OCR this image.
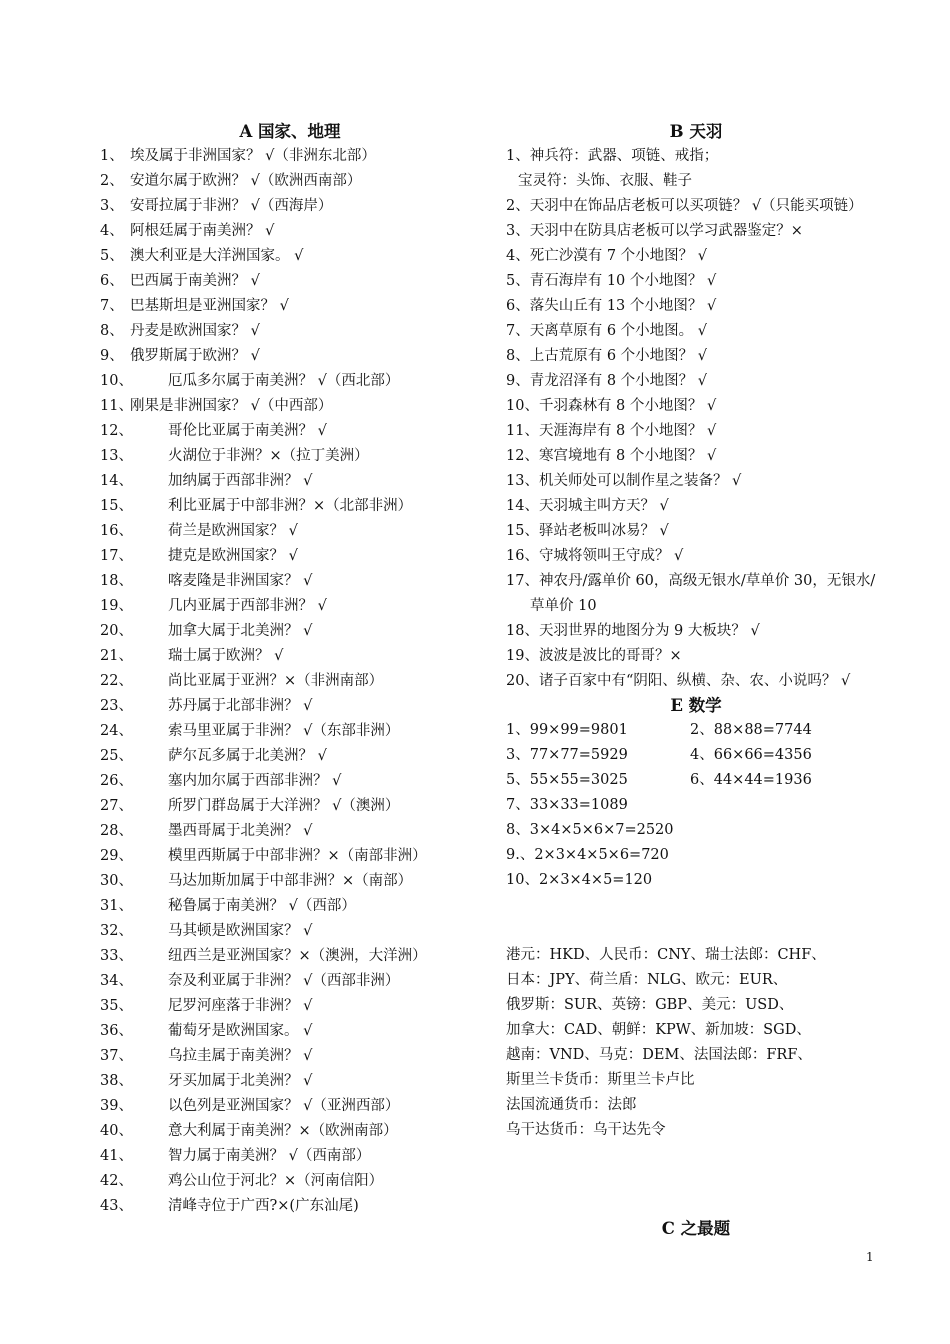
A 国家、地理
1、 埃及属于非洲国家？ √（非洲东北部）
2、 安道尔属于欧洲？ √（欧洲西南部）
3、 安哥拉属于非洲？ √（西海岸）
4、 阿根廷属于南美洲？ √
5、 澳大利亚是大洋洲国家。 √
6、 巴西属于南美洲？ √
7、 巴基斯坦是亚洲国家？ √
8、 丹麦是欧洲国家？ √
9、 俄罗斯属于欧洲？ √
10、	厄瓜多尔属于南美洲？ √（西北部）
11、
刚果是非洲国家？ √（中西部）
12、	哥伦比亚属于南美洲？ √
13、	火湖位于非洲？×（拉丁美洲）
14、	加纳属于西部非洲？ √
15、	利比亚属于中部非洲？×（北部非洲）
16、	荷兰是欧洲国家？ √
17、	捷克是欧洲国家？ √
18、	喀麦隆是非洲国家？ √
19、	几内亚属于西部非洲？ √
20、	加拿大属于北美洲？ √
21、	瑞士属于欧洲？ √
22、	尚比亚属于亚洲？×（非洲南部）
23、	苏丹属于北部非洲？ √
24、	索马里亚属于非洲？ √（东部非洲）
25、	萨尔瓦多属于北美洲？ √
26、	塞内加尔属于西部非洲？ √
27、	所罗门群岛属于大洋洲？ √（澳洲）
28、	墨西哥属于北美洲？ √
29、	模里西斯属于中部非洲？×（南部非洲）
30、	马达加斯加属于中部非洲？×（南部）
31、	秘鲁属于南美洲？ √（西部）
32、	马其顿是欧洲国家？ √
33、	纽西兰是亚洲国家？×（澳洲，大洋洲）
34、	奈及利亚属于非洲？ √（西部非洲）
35、	尼罗河座落于非洲？ √
36、	葡萄牙是欧洲国家。 √
37、	乌拉圭属于南美洲？ √
38、	牙买加属于北美洲？ √
39、	以色列是亚洲国家？ √（亚洲西部）
40、	意大利属于南美洲？×（欧洲南部）
41、	智力属于南美洲？ √（西南部）
42、	鸡公山位于河北？×（河南信阳）
43、	清峰寺位于广西?×(广东汕尾)
B 天羽
1、神兵符：武器、项链、戒指；
宝灵符：头饰、衣服、鞋子
2、天羽中在饰品店老板可以买项链？ √（只能买项链）
3、天羽中在防具店老板可以学习武器鉴定？×
4、死亡沙漠有 7 个小地图？ √
5、青石海岸有 10 个小地图？ √
6、落失山丘有 13 个小地图？ √
7、天离草原有 6 个小地图。 √
8、上古荒原有 6 个小地图？ √
9、青龙沼泽有 8 个小地图？ √
10、千羽森林有 8 个小地图？ √
11、天涯海岸有 8 个小地图？ √
12、寒宫境地有 8 个小地图？ √
13、机关师处可以制作星之装备？ √
14、天羽城主叫方天？ √
15、驿站老板叫冰易？ √
16、守城将领叫王守成？ √
17、神农丹/露单价 60，高级无银水/草单价 30，无银水/草单价 10
18、天羽世界的地图分为 9 大板块？ √
19、波波是波比的哥哥？×
20、诸子百家中有“阴阳、纵横、杂、农、小说吗？ √
E 数学
1、99×99=9801	2、88×88=7744
3、77×77=5929	4、66×66=4356
5、55×55=3025	6、44×44=1936
7、33×33=1089
8、3×4×5×6×7=2520
9.、2×3×4×5×6=720
10、2×3×4×5=120
港元：HKD、人民币：CNY、瑞士法郎：CHF、
日本：JPY、荷兰盾：NLG、欧元：EUR、
俄罗斯：SUR、英镑：GBP、美元：USD、
加拿大：CAD、朝鲜：KPW、新加坡：SGD、
越南：VND、马克：DEM、法国法郎：FRF、
斯里兰卡货币：斯里兰卡卢比
法国流通货币：法郎
乌干达货币：乌干达先令
C 之最题
1
